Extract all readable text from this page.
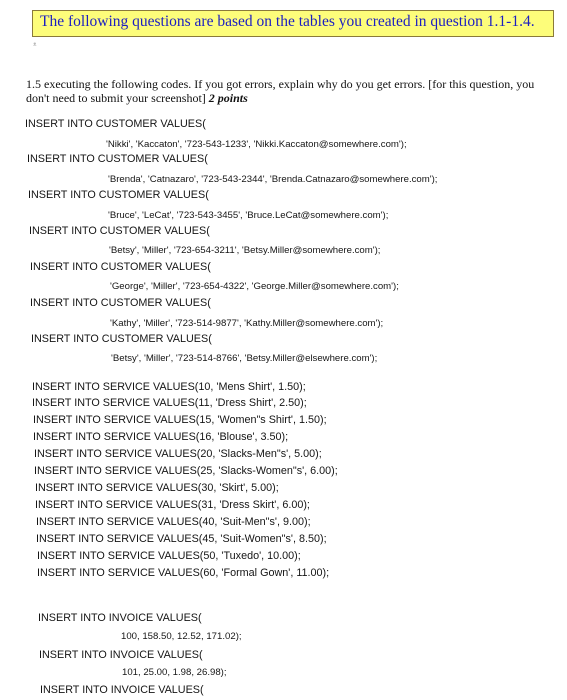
The following questions are based on the tables you created in question 1.1-1.4.
ᵜ
1.5 executing the following codes. If you got errors, explain why do you get errors. [for this question, you don't need to submit your screenshot] 2 points
INSERT INTO CUSTOMER VALUES(
'Nikki', 'Kaccaton', '723-543-1233', 'Nikki.Kaccaton@somewhere.com');
INSERT INTO CUSTOMER VALUES(
'Brenda', 'Catnazaro', '723-543-2344', 'Brenda.Catnazaro@somewhere.com');
INSERT INTO CUSTOMER VALUES(
'Bruce', 'LeCat', '723-543-3455', 'Bruce.LeCat@somewhere.com');
INSERT INTO CUSTOMER VALUES(
'Betsy', 'Miller', '723-654-3211', 'Betsy.Miller@somewhere.com');
INSERT INTO CUSTOMER VALUES(
'George', 'Miller', '723-654-4322', 'George.Miller@somewhere.com');
INSERT INTO CUSTOMER VALUES(
'Kathy', 'Miller', '723-514-9877', 'Kathy.Miller@somewhere.com');
INSERT INTO CUSTOMER VALUES(
'Betsy', 'Miller', '723-514-8766', 'Betsy.Miller@elsewhere.com');
INSERT INTO SERVICE VALUES(10, 'Mens Shirt', 1.50);
INSERT INTO SERVICE VALUES(11, 'Dress Shirt', 2.50);
INSERT INTO SERVICE VALUES(15, 'Women"s Shirt', 1.50);
INSERT INTO SERVICE VALUES(16, 'Blouse', 3.50);
INSERT INTO SERVICE VALUES(20, 'Slacks-Men"s', 5.00);
INSERT INTO SERVICE VALUES(25, 'Slacks-Women"s', 6.00);
INSERT INTO SERVICE VALUES(30, 'Skirt', 5.00);
INSERT INTO SERVICE VALUES(31, 'Dress Skirt', 6.00);
INSERT INTO SERVICE VALUES(40, 'Suit-Men"s', 9.00);
INSERT INTO SERVICE VALUES(45, 'Suit-Women"s', 8.50);
INSERT INTO SERVICE VALUES(50, 'Tuxedo', 10.00);
INSERT INTO SERVICE VALUES(60, 'Formal Gown', 11.00);
INSERT INTO INVOICE VALUES(
100, 158.50, 12.52, 171.02);
INSERT INTO INVOICE VALUES(
101, 25.00, 1.98, 26.98);
INSERT INTO INVOICE VALUES(
